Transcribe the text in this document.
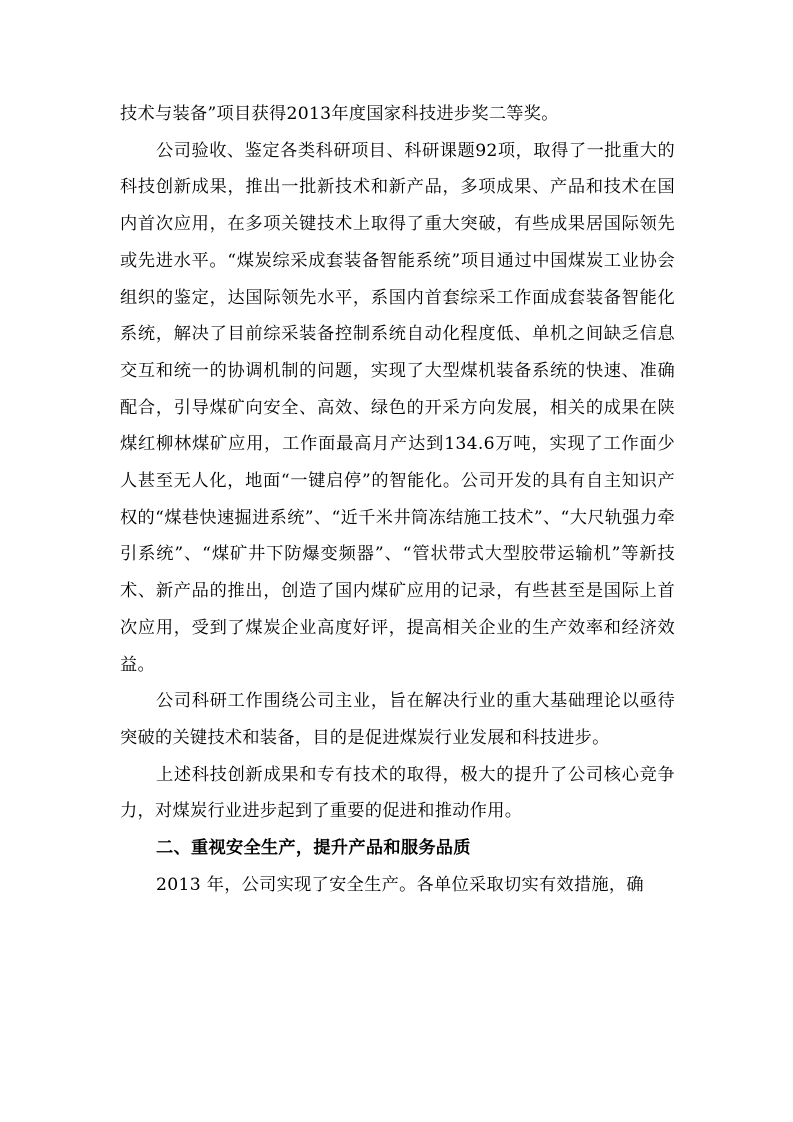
技术与装备”项目获得2013年度国家科技进步奖二等奖。

公司验收、鉴定各类科研项目、科研课题92项，取得了一批重大的科技创新成果，推出一批新技术和新产品，多项成果、产品和技术在国内首次应用，在多项关键技术上取得了重大突破，有些成果居国际领先或先进水平。“煤炭综采成套装备智能系统”项目通过中国煤炭工业协会组织的鉴定，达国际领先水平，系国内首套综采工作面成套装备智能化系统，解决了目前综采装备控制系统自动化程度低、单机之间缺乏信息交互和统一的协调机制的问题，实现了大型煤机装备系统的快速、准确配合，引导煤矿向安全、高效、绿色的开采方向发展，相关的成果在陕煤红柳林煤矿应用，工作面最高月产达到134.6万吨，实现了工作面少人甚至无人化，地面“一键启停”的智能化。公司开发的具有自主知识产权的“煤巷快速掘进系统”、“近千米井筒冻结施工技术”、“大尺轨强力牵引系统”、“煤矿井下防爆变频器”、“管状带式大型胶带运输机”等新技术、新产品的推出，创造了国内煤矿应用的记录，有些甚至是国际上首次应用，受到了煤炭企业高度好评，提高相关企业的生产效率和经济效益。

公司科研工作围绕公司主业，旨在解决行业的重大基础理论以亟待突破的关键技术和装备，目的是促进煤炭行业发展和科技进步。

上述科技创新成果和专有技术的取得，极大的提升了公司核心竞争力，对煤炭行业进步起到了重要的促进和推动作用。

二、重视安全生产，提升产品和服务品质

2013 年，公司实现了安全生产。各单位采取切实有效措施，确
